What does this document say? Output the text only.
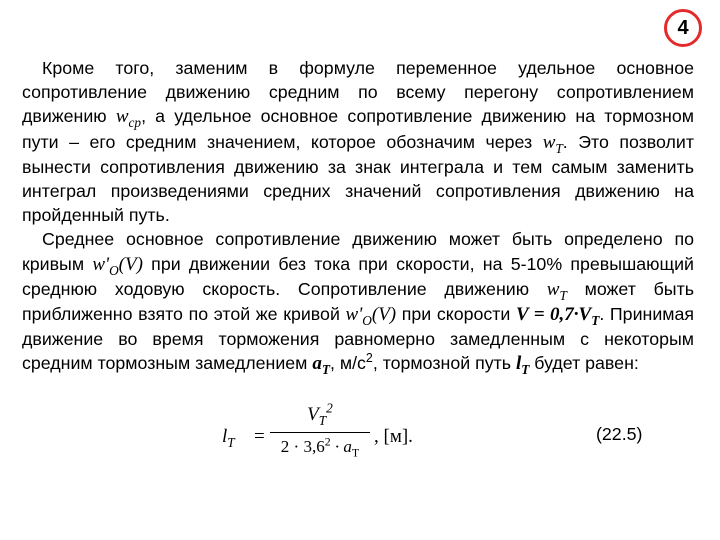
4

Кроме того, заменим в формуле переменное удельное основное сопротивление движению средним по всему перегону сопротивлением движению $w_{ср}$, а удельное основное сопротивление движению на тормозном пути – его средним значением, которое обозначим через $w_Т$. Это позволит вынести сопротивления движению за знак интеграла и тем самым заменить интеграл произведениями средних значений сопротивления движению на пройденный путь.

Среднее основное сопротивление движению может быть определено по кривым $w'_O(V)$ при движении без тока при скорости, на 5-10% превышающий среднюю ходовую скорость. Сопротивление движению $w_Т$ может быть приближенно взято по этой же кривой $w'_O(V)$ при скорости $V = 0,7\cdot V_Т$. Принимая движение во время торможения равномерно замедленным с некоторым средним тормозным замедлением $a_Т$, $м/с^2$, тормозной путь $l_Т$ будет равен:

$l_T$ =
$V_T^2$
$2 \cdot 3,6^2 \cdot a_T$
, [м].	(22.5)
